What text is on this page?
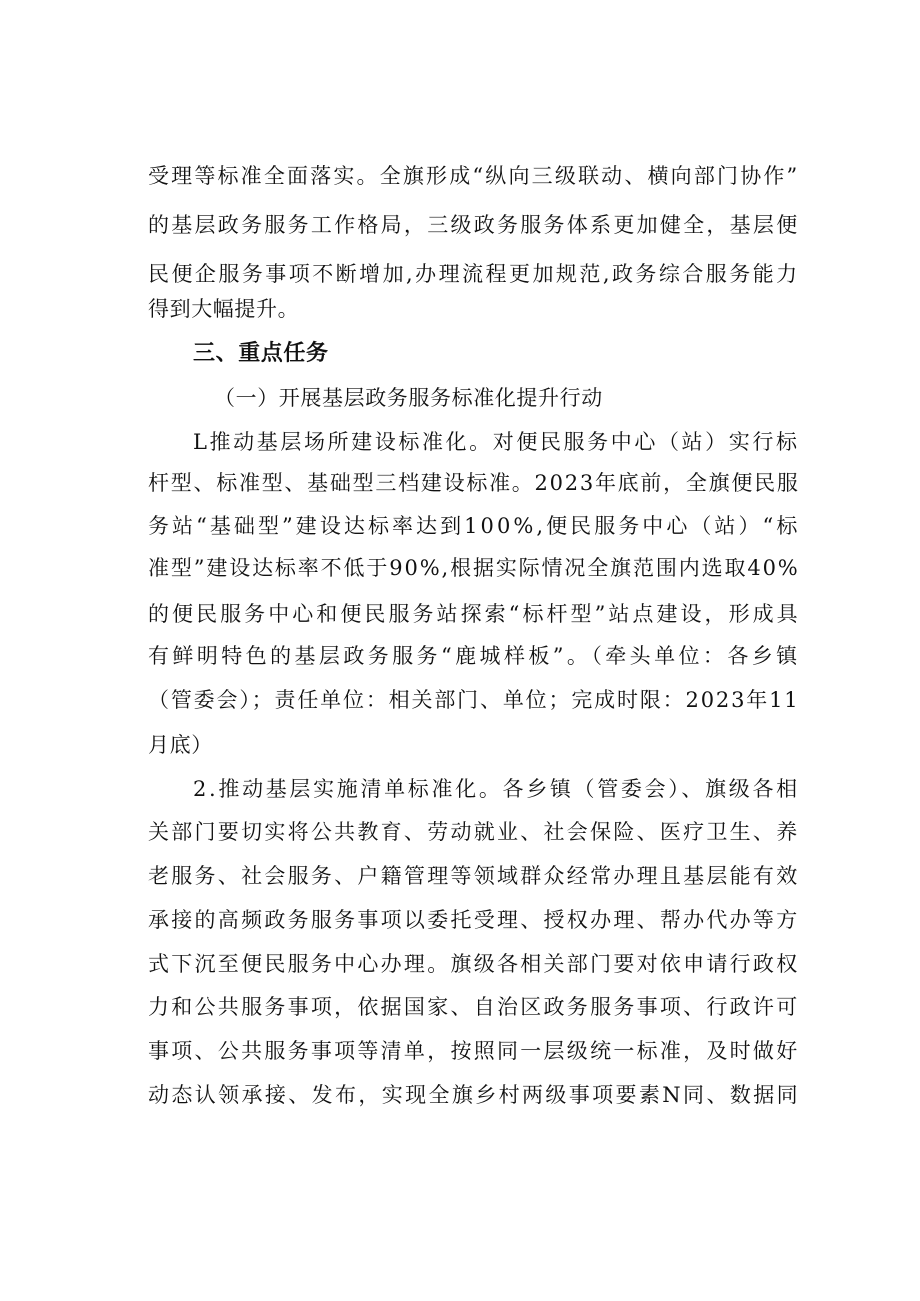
受理等标准全面落实。全旗形成“纵向三级联动、横向部门协作”
的基层政务服务工作格局，三级政务服务体系更加健全，基层便
民便企服务事项不断增加,办理流程更加规范,政务综合服务能力
得到大幅提升。
三、重点任务
（一）开展基层政务服务标准化提升行动
L推动基层场所建设标准化。对便民服务中心（站）实行标
杆型、标准型、基础型三档建设标准。2023年底前，全旗便民服
务站“基础型”建设达标率达到100%,便民服务中心（站）“标
准型”建设达标率不低于90%,根据实际情况全旗范围内选取40%
的便民服务中心和便民服务站探索“标杆型”站点建设，形成具
有鲜明特色的基层政务服务“鹿城样板”。（牵头单位：各乡镇
（管委会）；责任单位：相关部门、单位；完成时限：2023年11
月底）
2.推动基层实施清单标准化。各乡镇（管委会）、旗级各相
关部门要切实将公共教育、劳动就业、社会保险、医疗卫生、养
老服务、社会服务、户籍管理等领域群众经常办理且基层能有效
承接的高频政务服务事项以委托受理、授权办理、帮办代办等方
式下沉至便民服务中心办理。旗级各相关部门要对依申请行政权
力和公共服务事项，依据国家、自治区政务服务事项、行政许可
事项、公共服务事项等清单，按照同一层级统一标准，及时做好
动态认领承接、发布，实现全旗乡村两级事项要素N同、数据同
